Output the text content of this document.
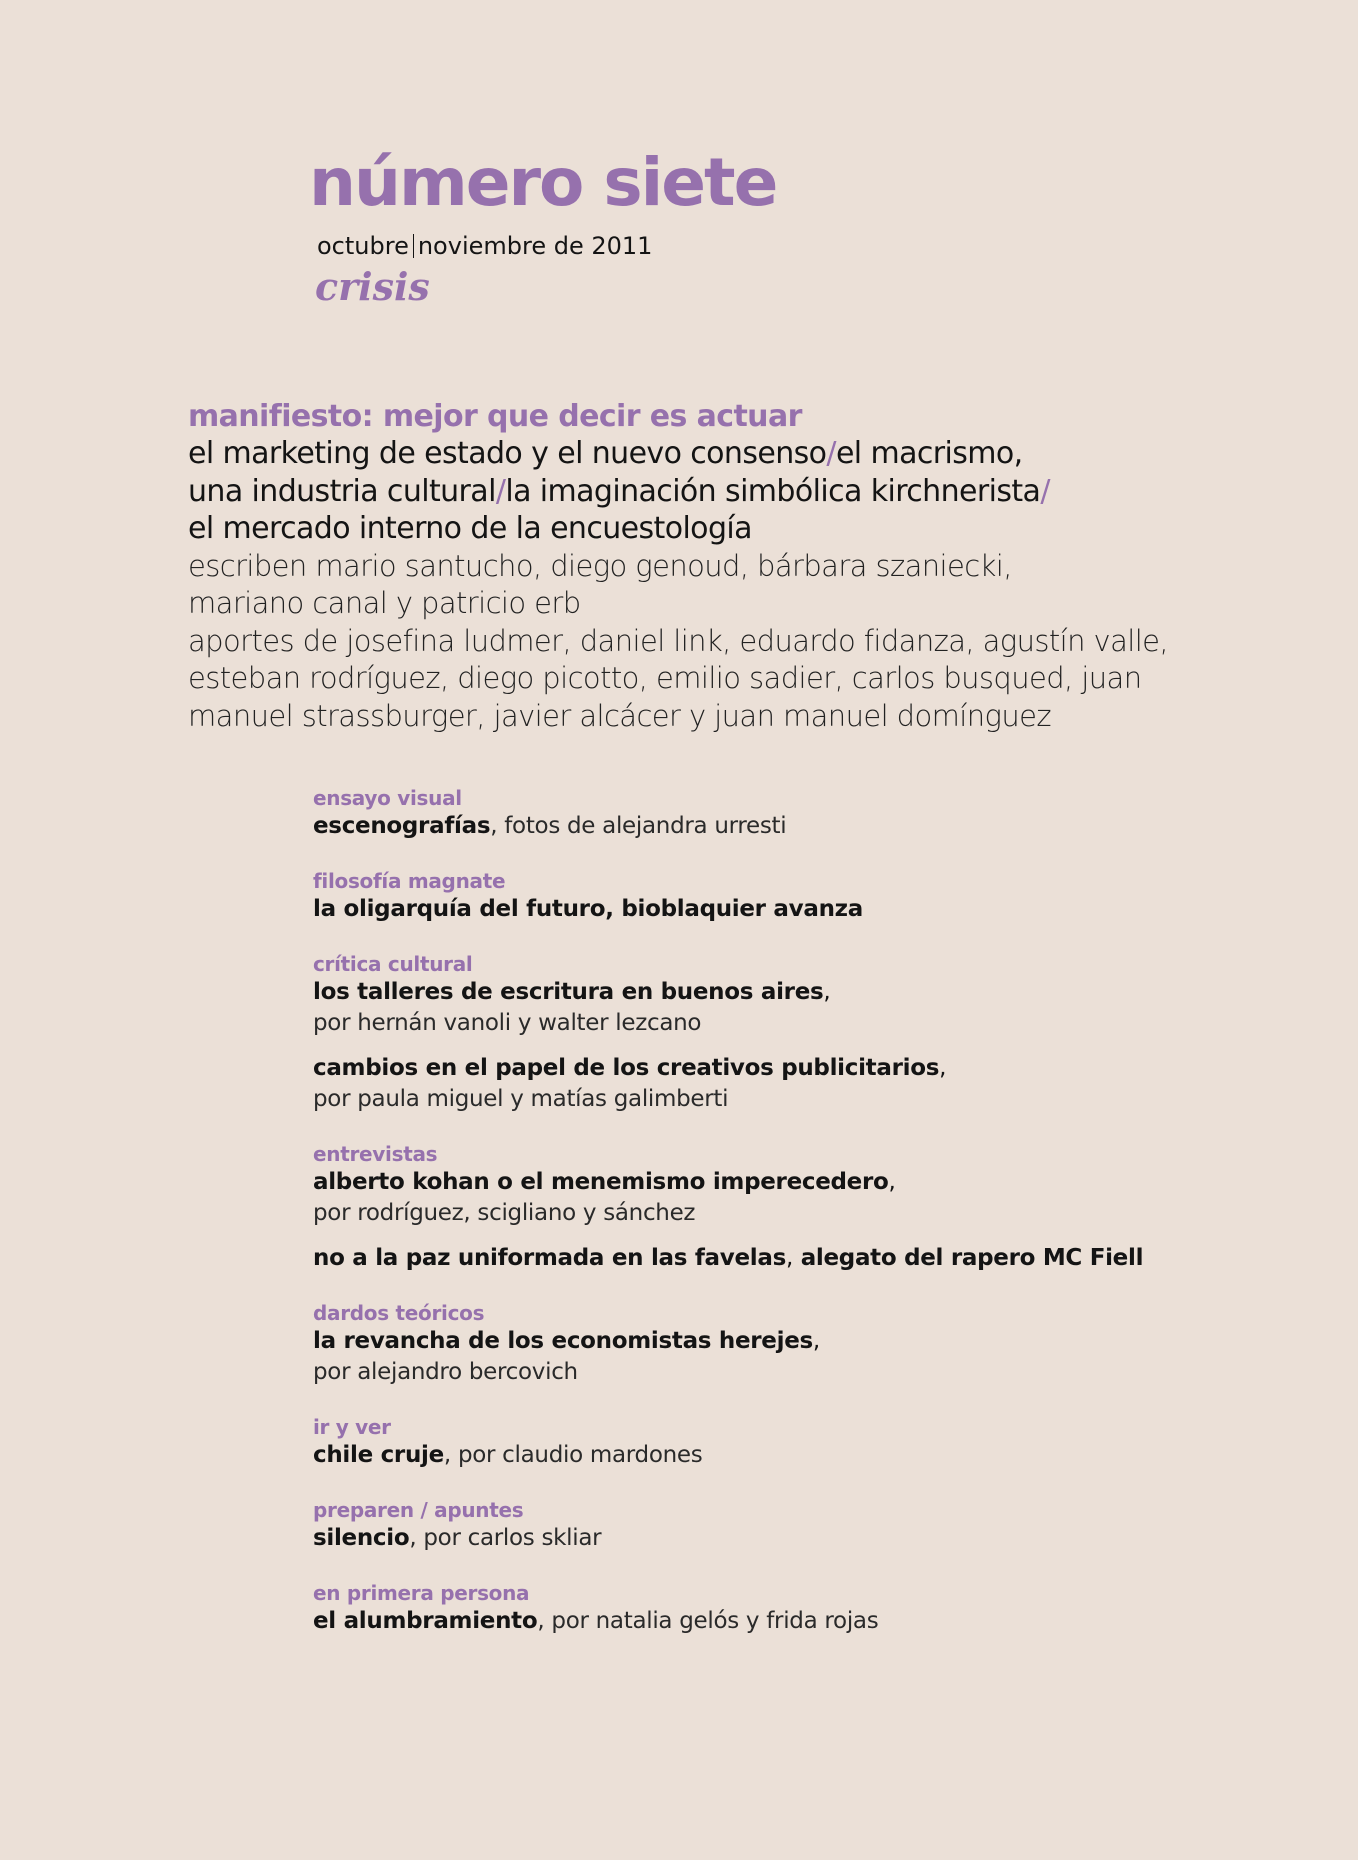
número siete
octubre noviembre de 2011
crisis
manifiesto: mejor que decir es actuar
el marketing de estado y el nuevo consenso/el macrismo,
una industria cultural/la imaginación simbólica kirchnerista/
el mercado interno de la encuestología
escriben mario santucho, diego genoud, bárbara szaniecki,
mariano canal y patricio erb
aportes de josefina ludmer, daniel link, eduardo fidanza, agustín valle,
esteban rodríguez, diego picotto, emilio sadier, carlos busqued, juan
manuel strassburger, javier alcácer y juan manuel domínguez
ensayo visual
escenografías, fotos de alejandra urresti
filosofía magnate
la oligarquía del futuro, bioblaquier avanza
crítica cultural
los talleres de escritura en buenos aires,
por hernán vanoli y walter lezcano
cambios en el papel de los creativos publicitarios,
por paula miguel y matías galimberti
entrevistas
alberto kohan o el menemismo imperecedero,
por rodríguez, scigliano y sánchez
no a la paz uniformada en las favelas, alegato del rapero MC Fiell
dardos teóricos
la revancha de los economistas herejes,
por alejandro bercovich
ir y ver
chile cruje, por claudio mardones
preparen / apuntes
silencio, por carlos skliar
en primera persona
el alumbramiento, por natalia gelós y frida rojas
